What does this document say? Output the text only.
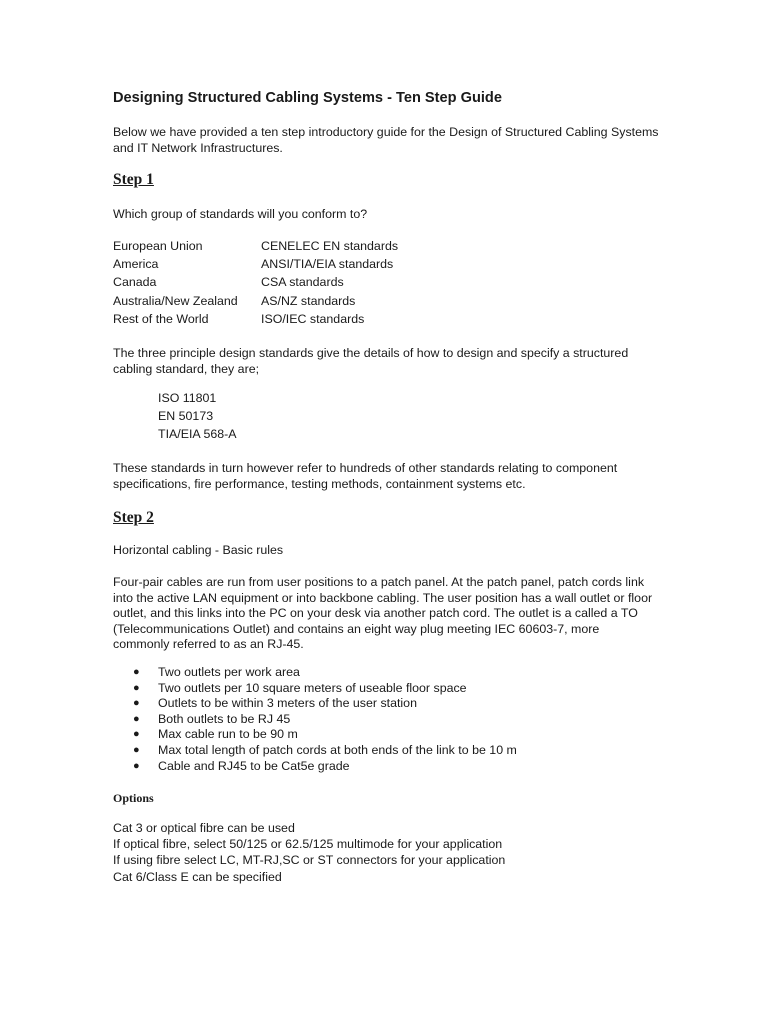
Designing Structured Cabling Systems - Ten Step Guide
Below we have provided a ten step introductory guide for the Design of Structured Cabling Systems and IT Network Infrastructures.
Step 1
Which group of standards will you conform to?
European Union	CENELEC EN standards
America	ANSI/TIA/EIA standards
Canada	CSA standards
Australia/New Zealand	AS/NZ standards
Rest of the World	ISO/IEC standards
The three principle design standards give the details of how to design and specify a structured cabling standard, they are;
ISO 11801
EN 50173
TIA/EIA 568-A
These standards in turn however refer to hundreds of other standards relating to component specifications, fire performance, testing methods, containment systems etc.
Step 2
Horizontal cabling - Basic rules
Four-pair cables are run from user positions to a patch panel. At the patch panel, patch cords link into the active LAN equipment or into backbone cabling. The user position has a wall outlet or floor outlet, and this links into the PC on your desk via another patch cord. The outlet is a called a TO (Telecommunications Outlet) and contains an eight way plug meeting IEC 60603-7, more commonly referred to as an RJ-45.
●	Two outlets per work area
●	Two outlets per 10 square meters of useable floor space
●	Outlets to be within 3 meters of the user station
●	Both outlets to be RJ 45
●	Max cable run to be 90 m
●	Max total length of patch cords at both ends of the link to be 10 m
●	Cable and RJ45 to be Cat5e grade
Options
Cat 3 or optical fibre can be used
If optical fibre, select 50/125 or 62.5/125 multimode for your application
If using fibre select LC, MT-RJ,SC or ST connectors for your application
Cat 6/Class E can be specified
